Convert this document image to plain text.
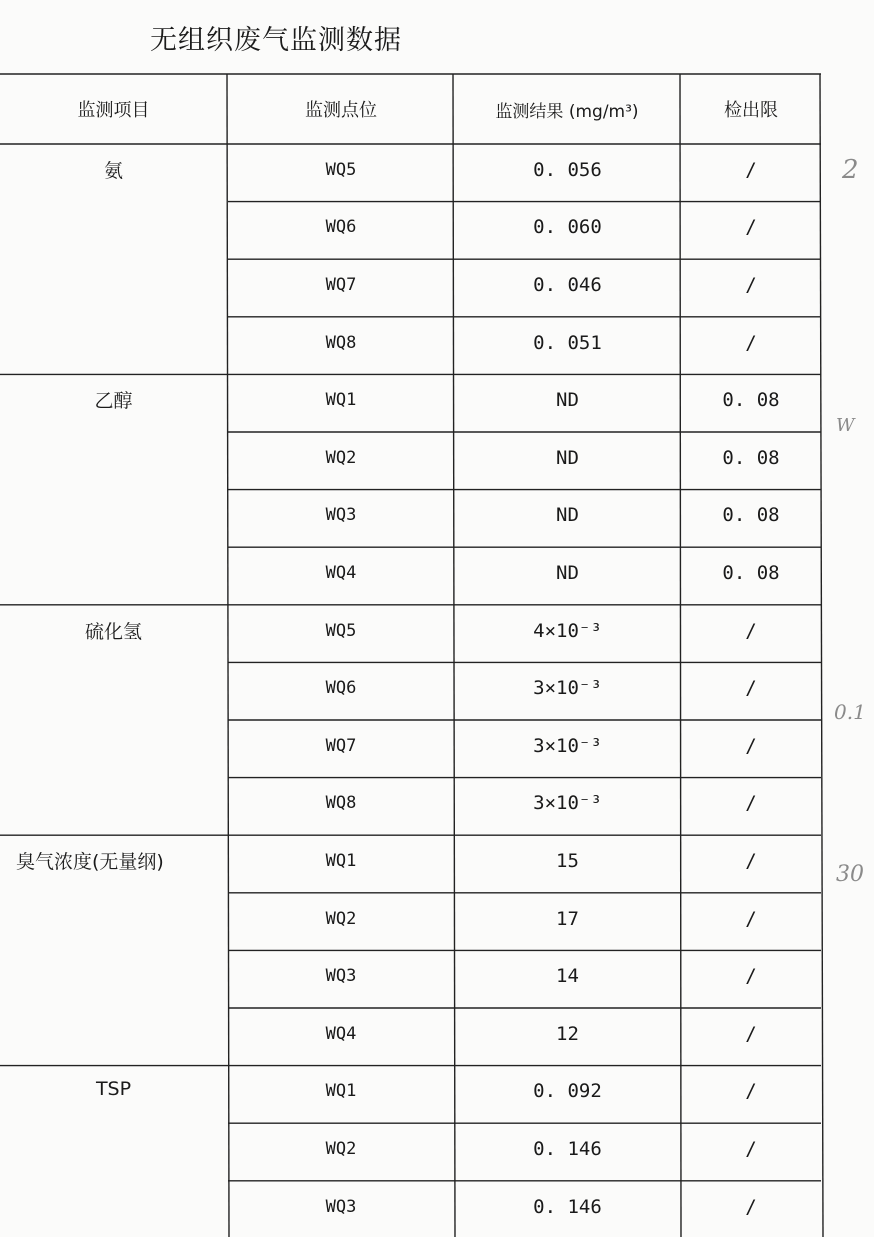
无组织废气监测数据
监测项目	监测点位	监测结果 (mg/m³)	检出限
氨	WQ5	0. 056	/
WQ6	0. 060	/
WQ7	0. 046	/
WQ8	0. 051	/
乙醇	WQ1	ND	0. 08
WQ2	ND	0. 08
WQ3	ND	0. 08
WQ4	ND	0. 08
硫化氢	WQ5	4×10⁻³	/
WQ6	3×10⁻³	/
WQ7	3×10⁻³	/
WQ8	3×10⁻³	/
臭气浓度(无量纲)	WQ1	15	/
WQ2	17	/
WQ3	14	/
WQ4	12	/
TSP	WQ1	0. 092	/
WQ2	0. 146	/
WQ3	0. 146	/
2
W
0.1
30
